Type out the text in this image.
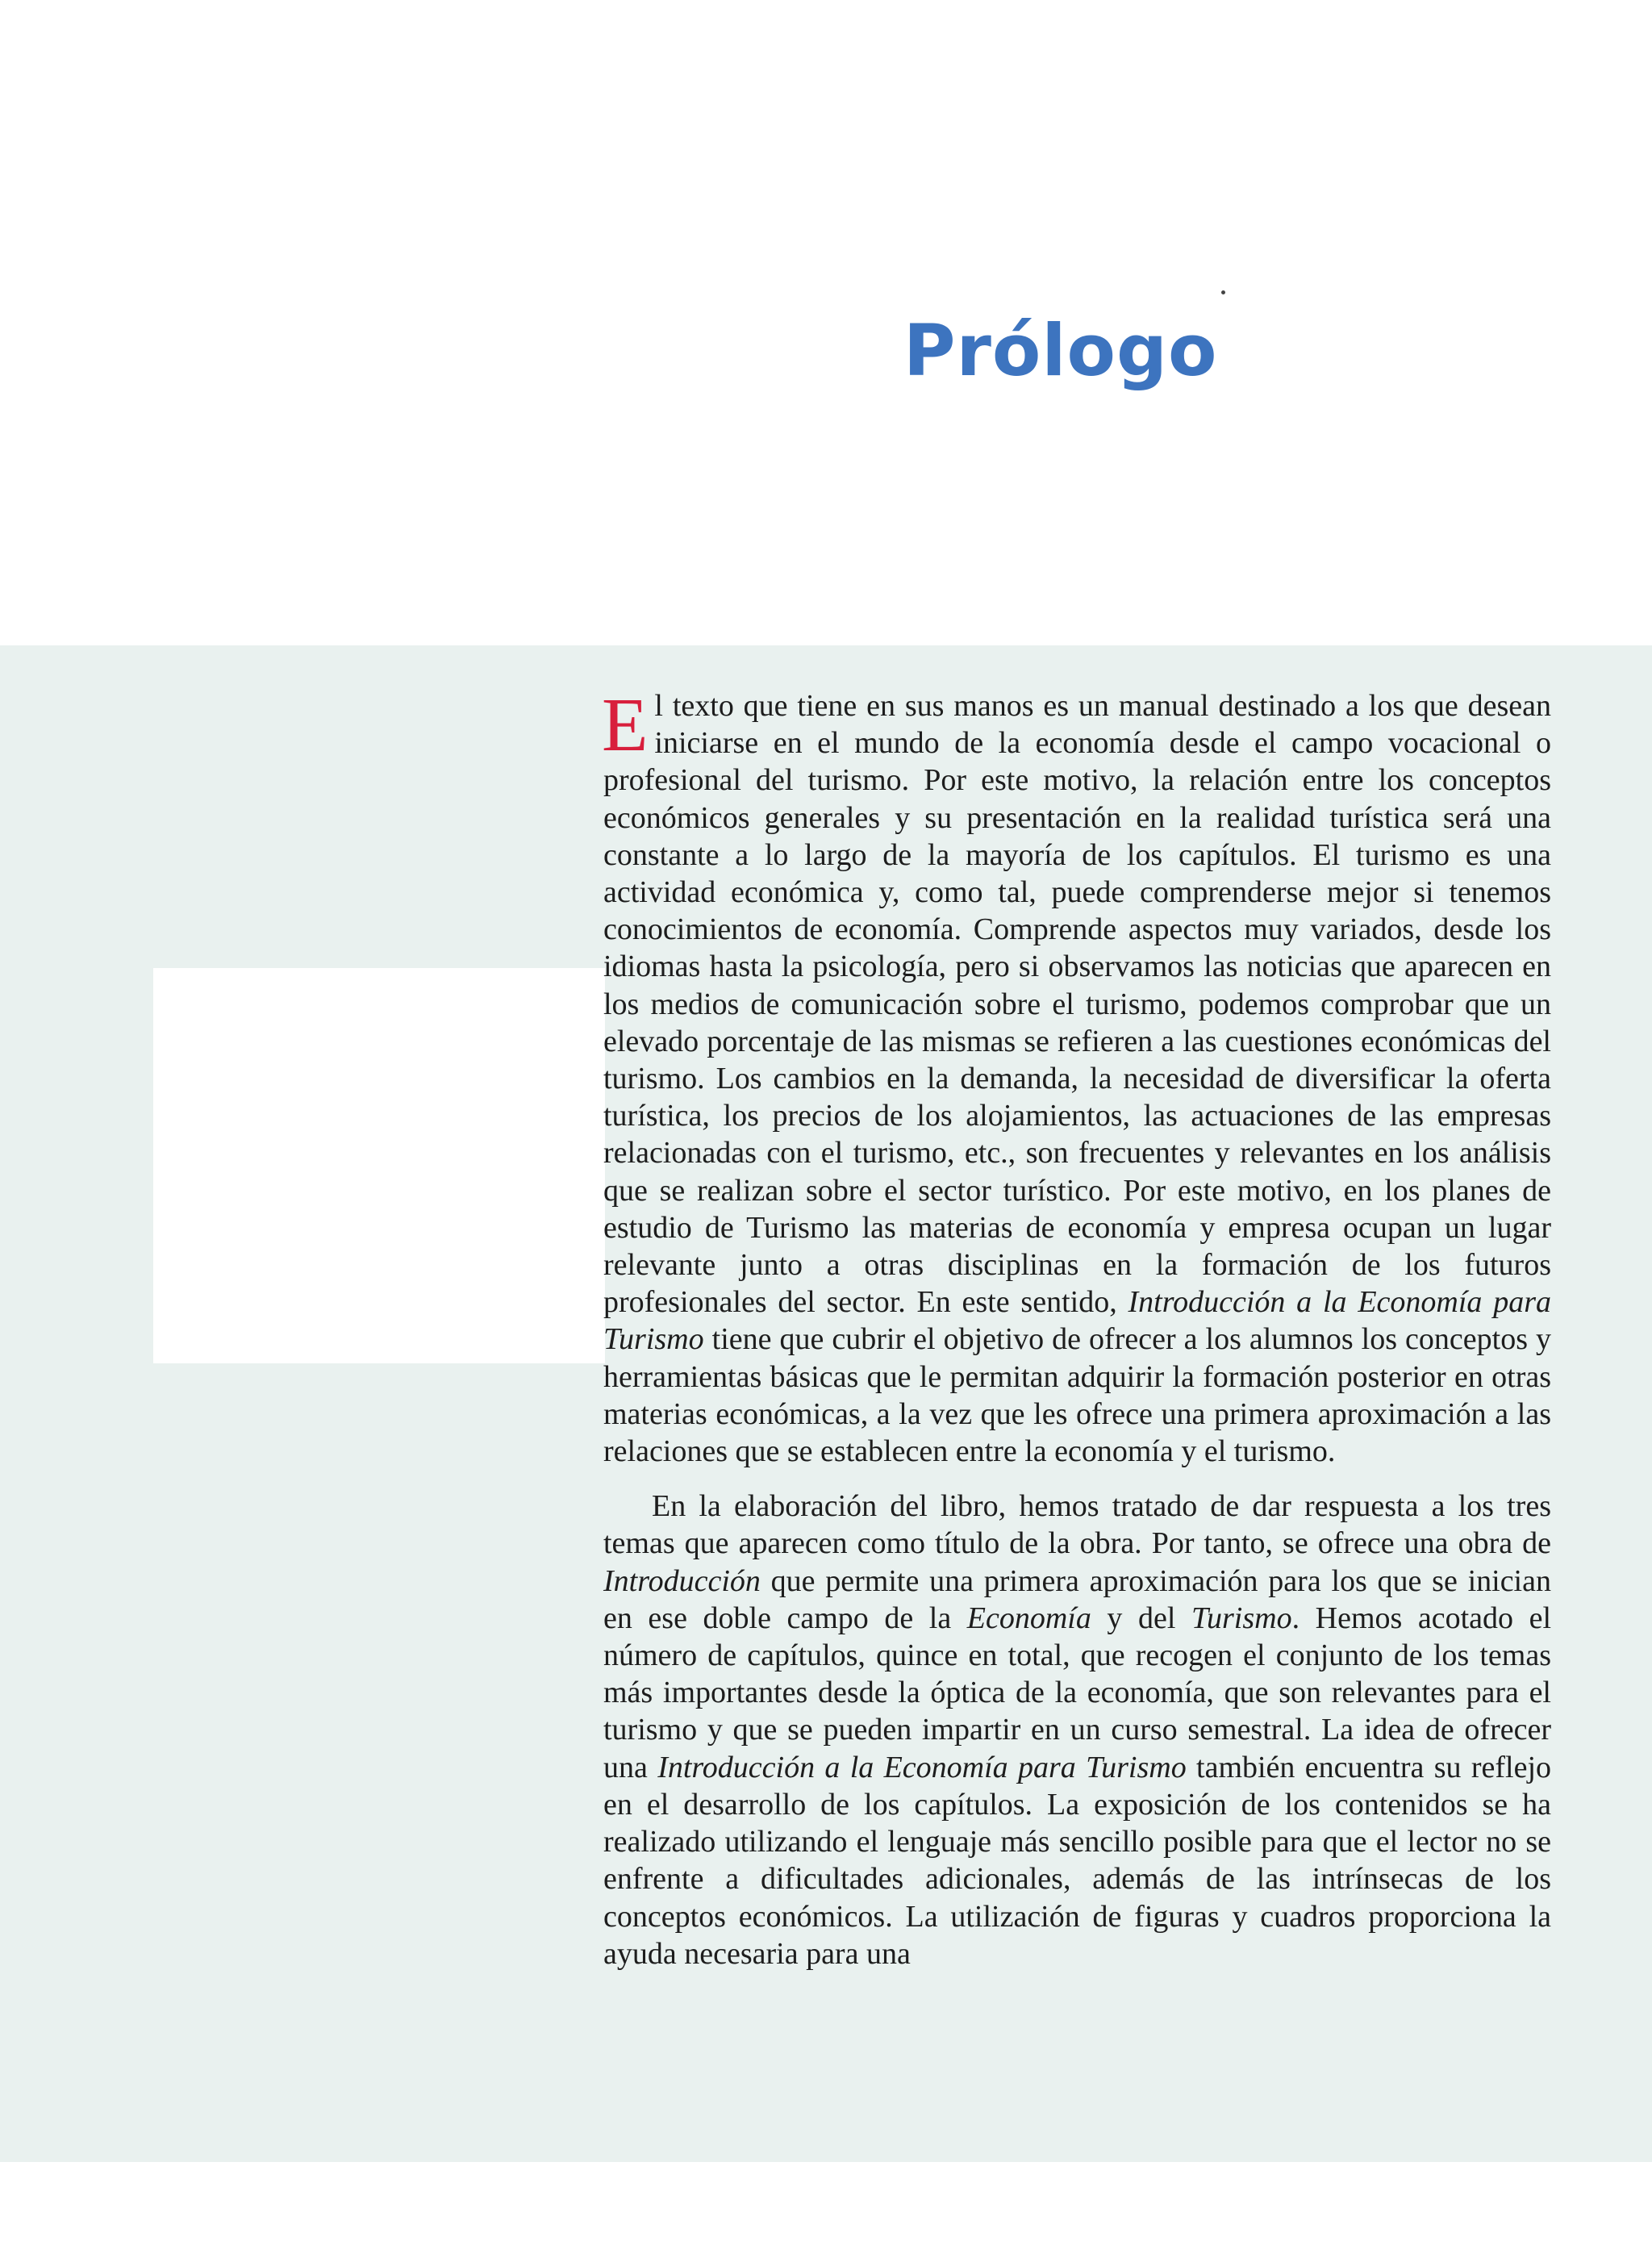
Prólogo

El texto que tiene en sus manos es un manual destinado a los que desean iniciarse en el mundo de la economía desde el campo vocacional o profesional del turismo. Por este motivo, la relación entre los conceptos económicos generales y su presentación en la realidad turística será una constante a lo largo de la mayoría de los capítulos. El turismo es una actividad económica y, como tal, puede comprenderse mejor si tenemos conocimientos de economía. Comprende aspectos muy variados, desde los idiomas hasta la psicología, pero si observamos las noticias que aparecen en los medios de comunicación sobre el turismo, podemos comprobar que un elevado porcentaje de las mismas se refieren a las cuestiones económicas del turismo. Los cambios en la demanda, la necesidad de diversificar la oferta turística, los precios de los alojamientos, las actuaciones de las empresas relacionadas con el turismo, etc., son frecuentes y relevantes en los análisis que se realizan sobre el sector turístico. Por este motivo, en los planes de estudio de Turismo las materias de economía y empresa ocupan un lugar relevante junto a otras disciplinas en la formación de los futuros profesionales del sector. En este sentido, Introducción a la Economía para Turismo tiene que cubrir el objetivo de ofrecer a los alumnos los conceptos y herramientas básicas que le permitan adquirir la formación posterior en otras materias económicas, a la vez que les ofrece una primera aproximación a las relaciones que se establecen entre la economía y el turismo.

En la elaboración del libro, hemos tratado de dar respuesta a los tres temas que aparecen como título de la obra. Por tanto, se ofrece una obra de Introducción que permite una primera aproximación para los que se inician en ese doble campo de la Economía y del Turismo. Hemos acotado el número de capítulos, quince en total, que recogen el conjunto de los temas más importantes desde la óptica de la economía, que son relevantes para el turismo y que se pueden impartir en un curso semestral. La idea de ofrecer una Introducción a la Economía para Turismo también encuentra su reflejo en el desarrollo de los capítulos. La exposición de los contenidos se ha realizado utilizando el lenguaje más sencillo posible para que el lector no se enfrente a dificultades adicionales, además de las intrínsecas de los conceptos económicos. La utilización de figuras y cuadros proporciona la ayuda necesaria para una
